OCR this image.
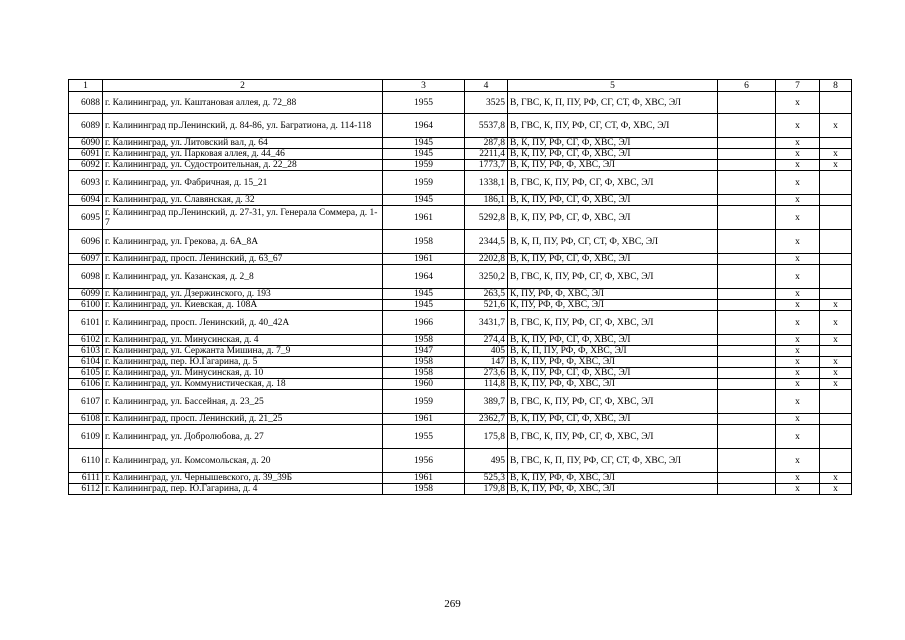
1	2	3	4	5	6	7	8
6088	г. Калининград, ул. Каштановая аллея, д. 72_88	1955	3525	В, ГВС, К, П, ПУ, РФ, СГ, СТ, Ф, ХВС, ЭЛ		x	
6089	г. Калининград пр.Ленинский, д. 84-86, ул. Багратиона, д. 114-118	1964	5537,8	В, ГВС, К, ПУ, РФ, СГ, СТ, Ф, ХВС, ЭЛ		x	x
6090	г. Калининград, ул. Литовский вал, д. 64	1945	287,8	В, К, ПУ, РФ, СГ, Ф, ХВС, ЭЛ		x	
6091	г. Калининград, ул. Парковая аллея, д. 44_46	1945	2211,4	В, К, ПУ, РФ, СГ, Ф, ХВС, ЭЛ		x	x
6092	г. Калининград, ул. Судостроительная, д. 22_28	1959	1773,7	В, К, ПУ, РФ, Ф, ХВС, ЭЛ		x	x
6093	г. Калининград, ул. Фабричная, д. 15_21	1959	1338,1	В, ГВС, К, ПУ, РФ, СГ, Ф, ХВС, ЭЛ		x	
6094	г. Калининград, ул. Славянская, д. 32	1945	186,1	В, К, ПУ, РФ, СГ, Ф, ХВС, ЭЛ		x	
6095	г. Калининград пр.Ленинский, д. 27-31, ул. Генерала Соммера, д. 1-7	1961	5292,8	В, К, ПУ, РФ, СГ, Ф, ХВС, ЭЛ		x	
6096	г. Калининград, ул. Грекова, д. 6А_8А	1958	2344,5	В, К, П, ПУ, РФ, СГ, СТ, Ф, ХВС, ЭЛ		x	
6097	г. Калининград, просп. Ленинский, д. 63_67	1961	2202,8	В, К, ПУ, РФ, СГ, Ф, ХВС, ЭЛ		x	
6098	г. Калининград, ул. Казанская, д. 2_8	1964	3250,2	В, ГВС, К, ПУ, РФ, СГ, Ф, ХВС, ЭЛ		x	
6099	г. Калининград, ул. Дзержинского, д. 193	1945	263,5	К, ПУ, РФ, Ф, ХВС, ЭЛ		x	
6100	г. Калининград, ул. Киевская, д. 108А	1945	521,6	К, ПУ, РФ, Ф, ХВС, ЭЛ		x	x
6101	г. Калининград, просп. Ленинский, д. 40_42А	1966	3431,7	В, ГВС, К, ПУ, РФ, СГ, Ф, ХВС, ЭЛ		x	x
6102	г. Калининград, ул. Минусинская, д. 4	1958	274,4	В, К, ПУ, РФ, СГ, Ф, ХВС, ЭЛ		x	x
6103	г. Калининград, ул. Сержанта Мишина, д. 7_9	1947	405	В, К, П, ПУ, РФ, Ф, ХВС, ЭЛ		x	
6104	г. Калининград, пер. Ю.Гагарина, д. 5	1958	147	В, К, ПУ, РФ, Ф, ХВС, ЭЛ		x	x
6105	г. Калининград, ул. Минусинская, д. 10	1958	273,6	В, К, ПУ, РФ, СГ, Ф, ХВС, ЭЛ		x	x
6106	г. Калининград, ул. Коммунистическая, д. 18	1960	114,8	В, К, ПУ, РФ, Ф, ХВС, ЭЛ		x	x
6107	г. Калининград, ул. Бассейная, д. 23_25	1959	389,7	В, ГВС, К, ПУ, РФ, СГ, Ф, ХВС, ЭЛ		x	
6108	г. Калининград, просп. Ленинский, д. 21_25	1961	2362,7	В, К, ПУ, РФ, СГ, Ф, ХВС, ЭЛ		x	
6109	г. Калининград, ул. Добролюбова, д. 27	1955	175,8	В, ГВС, К, ПУ, РФ, СГ, Ф, ХВС, ЭЛ		x	
6110	г. Калининград, ул. Комсомольская, д. 20	1956	495	В, ГВС, К, П, ПУ, РФ, СГ, СТ, Ф, ХВС, ЭЛ		x	
6111	г. Калининград, ул. Чернышевского, д. 39_39Б	1961	525,3	В, К, ПУ, РФ, Ф, ХВС, ЭЛ		x	x
6112	г. Калининград, пер. Ю.Гагарина, д. 4	1958	179,8	В, К, ПУ, РФ, Ф, ХВС, ЭЛ		x	x
269
